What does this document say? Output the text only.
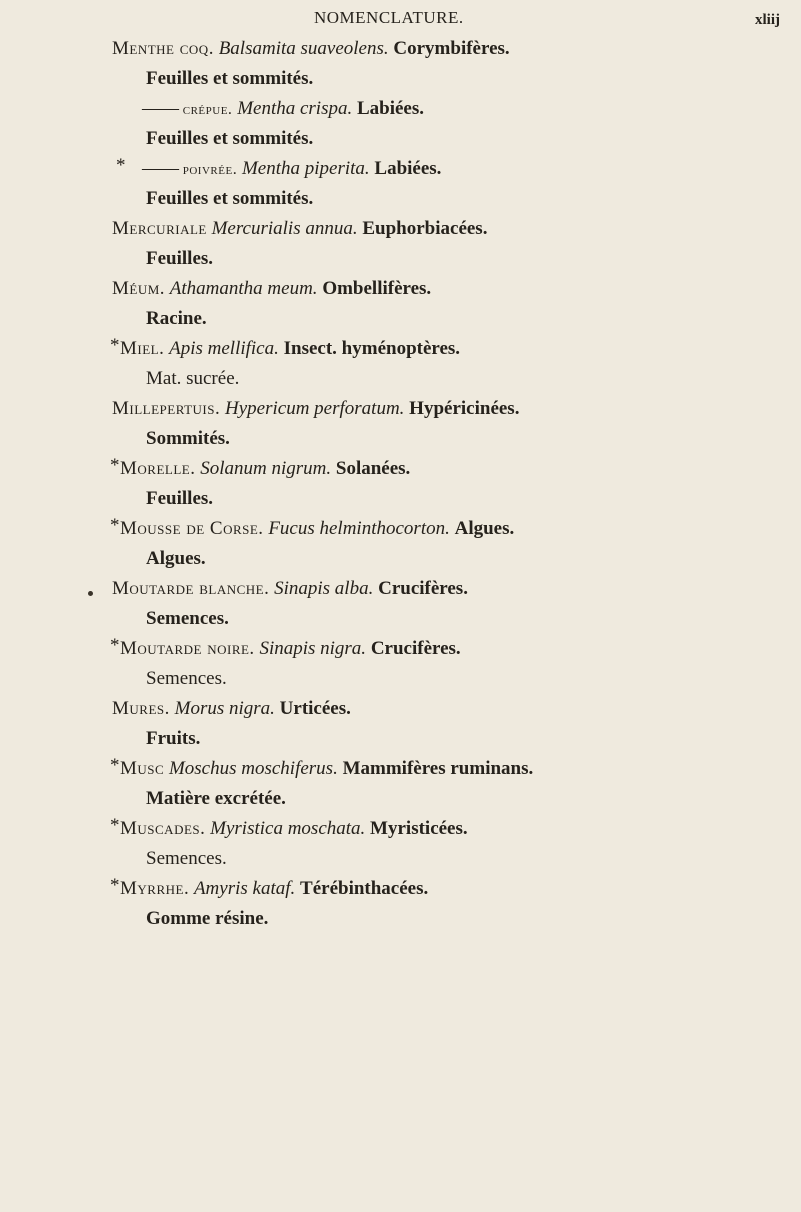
NOMENCLATURE.	xliij
Menthe coq. Balsamita suaveolens. Corymbifères.
Feuilles et sommités.
—— crépue. Mentha crispa. Labiées.
Feuilles et sommités.
* —— poivrée. Mentha piperita. Labiées.
Feuilles et sommités.
Mercuriale Mercurialis annua. Euphorbiacées.
Feuilles.
Méum. Athamantha meum. Ombellifères.
Racine.
* Miel. Apis mellifica. Insect. hyménoptères.
Mat. sucrée.
Millepertuis. Hypericum perforatum. Hypéricinées.
Sommités.
* Morelle. Solanum nigrum. Solanées.
Feuilles.
* Mousse de Corse. Fucus helminthocorton. Algues.
Algues.
Moutarde blanche. Sinapis alba. Crucifères.
Semences.
* Moutarde noire. Sinapis nigra. Crucifères.
Semences.
Mures. Morus nigra. Urticées.
Fruits.
* Musc Moschus moschiferus. Mammifères ruminans.
Matière excrétée.
* Muscades. Myristica moschata. Myristicées.
Semences.
* Myrrhe. Amyris kataf. Térébinthacées.
Gomme résine.
